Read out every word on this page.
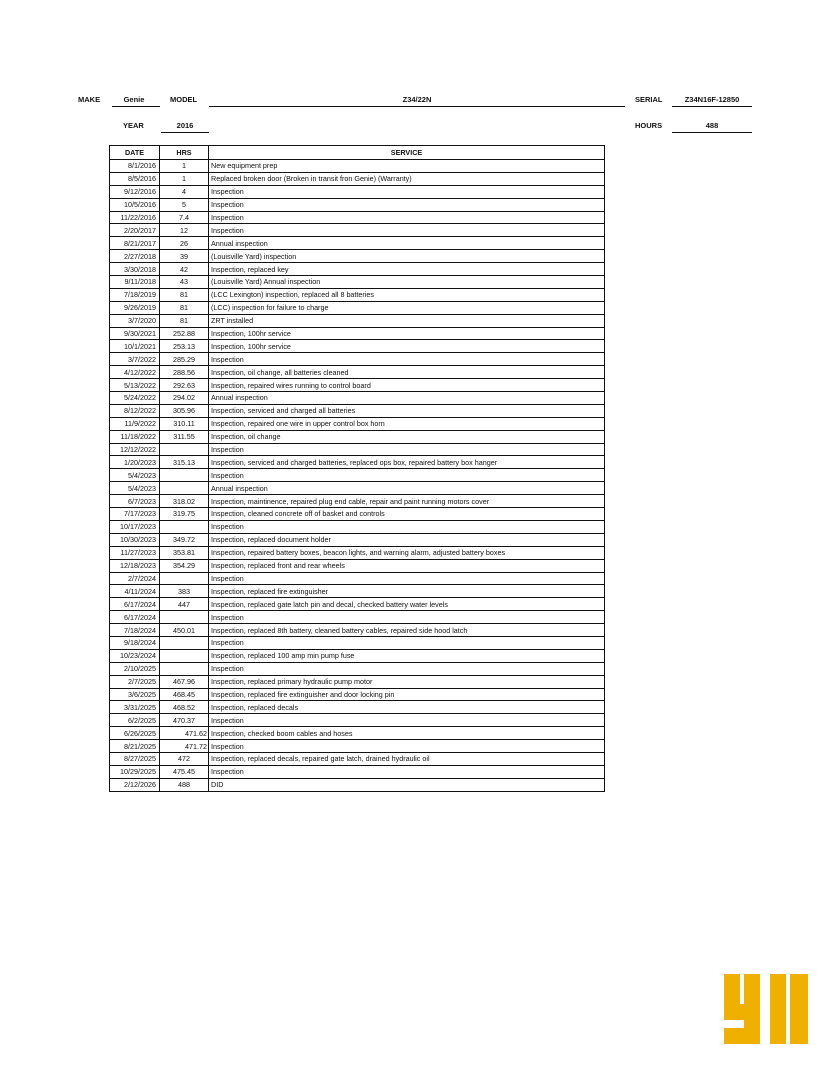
MAKE	Genie	MODEL	Z34/22N	SERIAL	Z34N16F-12850
YEAR	2016	HOURS	488
DATE	HRS	SERVICE
8/1/2016	1	New equipment prep
8/5/2016	1	Replaced broken door (Broken in transit fron Genie) (Warranty)
9/12/2016	4	Inspection
10/5/2016	5	Inspection
11/22/2016	7.4	Inspection
2/20/2017	12	Inspection
8/21/2017	26	Annual inspection
2/27/2018	39	(Louisville Yard) inspection
3/30/2018	42	Inspection, replaced key
9/11/2018	43	(Louisville Yard) Annual inspection
7/18/2019	81	(LCC Lexington) inspection, replaced all 8 batteries
9/26/2019	81	(LCC) inspection for failure to charge
3/7/2020	81	ZRT installed
9/30/2021	252.88	Inspection, 100hr service
10/1/2021	253.13	Inspection, 100hr service
3/7/2022	285.29	Inspection
4/12/2022	288.56	Inspection, oil change, all batteries cleaned
5/13/2022	292.63	Inspection, repaired wires running to control board
5/24/2022	294.02	Annual inspection
8/12/2022	305.96	Inspection, serviced and charged all batteries
11/9/2022	310.11	Inspection, repaired one wire in upper control box horn
11/18/2022	311.55	Inspection, oil change
12/12/2022		Inspection
1/20/2023	315.13	Inspection, serviced and charged batteries, replaced ops box, repaired battery box hanger
5/4/2023		Inspection
5/4/2023		Annual inspection
6/7/2023	318.02	Inspection, maintinence, repaired plug end cable, repair and paint running motors cover
7/17/2023	319.75	Inspection, cleaned concrete off of basket and controls
10/17/2023		Inspection
10/30/2023	349.72	Inspection, replaced document holder
11/27/2023	353.81	Inspection, repaired battery boxes, beacon lights, and warning alarm, adjusted battery boxes
12/18/2023	354.29	Inspection, replaced front and rear wheels
2/7/2024		Inspection
4/11/2024	383	Inspection, replaced fire extinguisher
6/17/2024	447	Inspection, replaced gate latch pin and decal, checked battery water levels
6/17/2024		Inspection
7/18/2024	450.01	Inspection, replaced 8th battery, cleaned battery cables, repaired side hood latch
9/18/2024		Inspection
10/23/2024		Inspection, replaced 100 amp min pump fuse
2/10/2025		Inspection
2/7/2025	467.96	Inspection, replaced primary hydraulic pump motor
3/6/2025	468.45	Inspection, replaced fire extinguisher and door locking pin
3/31/2025	468.52	Inspection, replaced decals
6/2/2025	470.37	Inspection
6/26/2025	471.62	Inspection, checked boom cables and hoses
8/21/2025	471.72	Inspection
8/27/2025	472	Inspection, replaced decals, repaired gate latch, drained hydraulic oil
10/29/2025	475.45	Inspection
2/12/2026	488	DID
